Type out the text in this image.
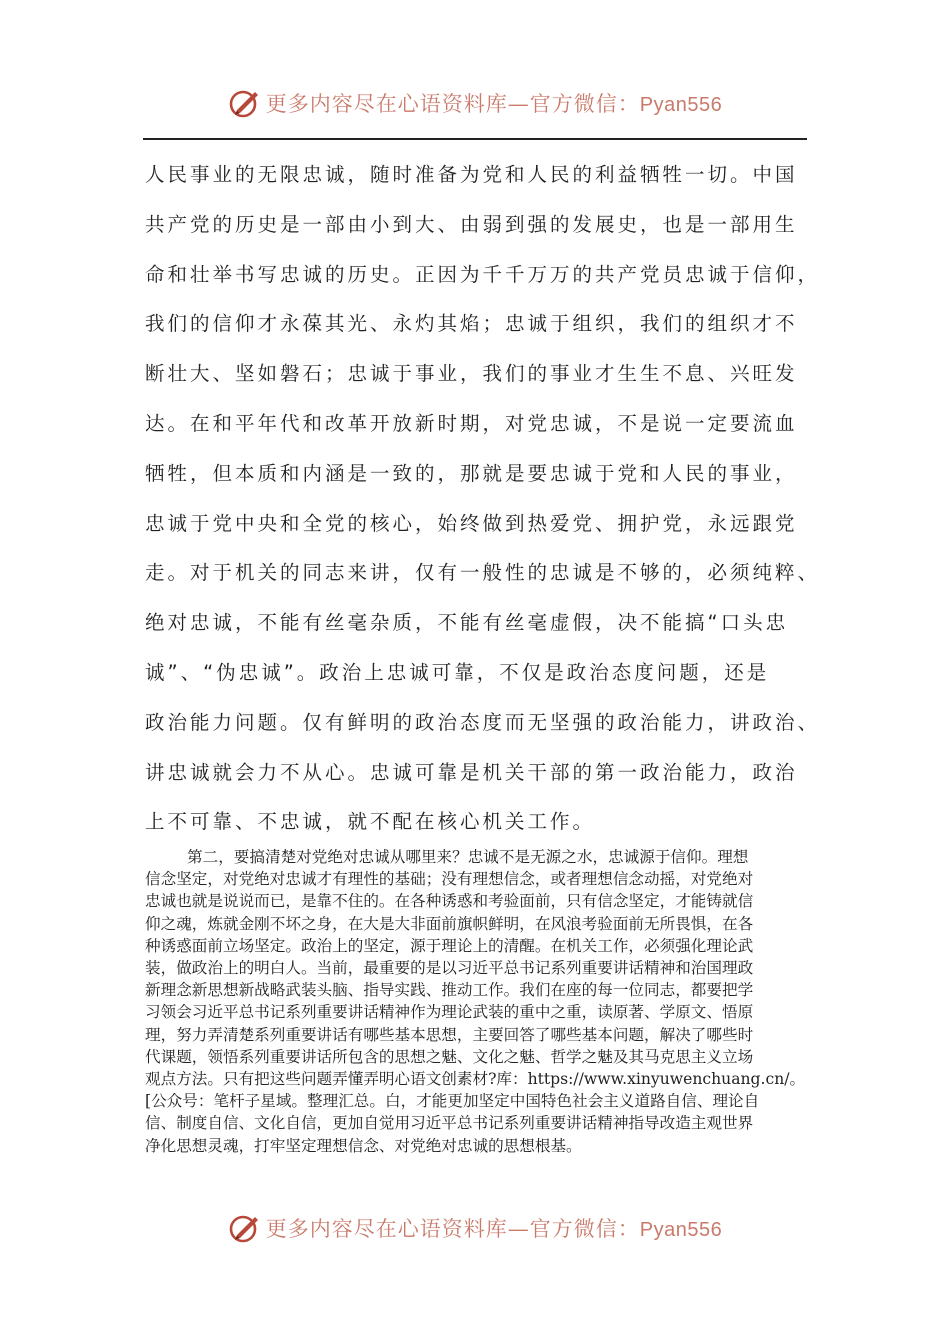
更多内容尽在心语资料库—官方微信：Pyan556
人民事业的无限忠诚，随时准备为党和人民的利益牺牲一切。中国
共产党的历史是一部由小到大、由弱到强的发展史，也是一部用生
命和壮举书写忠诚的历史。正因为千千万万的共产党员忠诚于信仰，
我们的信仰才永葆其光、永灼其焰；忠诚于组织，我们的组织才不
断壮大、坚如磐石；忠诚于事业，我们的事业才生生不息、兴旺发
达。在和平年代和改革开放新时期，对党忠诚，不是说一定要流血
牺牲，但本质和内涵是一致的，那就是要忠诚于党和人民的事业，
忠诚于党中央和全党的核心，始终做到热爱党、拥护党，永远跟党
走。对于机关的同志来讲，仅有一般性的忠诚是不够的，必须纯粹、
绝对忠诚，不能有丝毫杂质，不能有丝毫虚假，决不能搞“口头忠
诚”、“伪忠诚”。政治上忠诚可靠，不仅是政治态度问题，还是
政治能力问题。仅有鲜明的政治态度而无坚强的政治能力，讲政治、
讲忠诚就会力不从心。忠诚可靠是机关干部的第一政治能力，政治
上不可靠、不忠诚，就不配在核心机关工作。
第二，要搞清楚对党绝对忠诚从哪里来？忠诚不是无源之水，忠诚源于信仰。理想
信念坚定，对党绝对忠诚才有理性的基础；没有理想信念，或者理想信念动摇，对党绝对
忠诚也就是说说而已，是靠不住的。在各种诱惑和考验面前，只有信念坚定，才能铸就信
仰之魂，炼就金刚不坏之身，在大是大非面前旗帜鲜明，在风浪考验面前无所畏惧，在各
种诱惑面前立场坚定。政治上的坚定，源于理论上的清醒。在机关工作，必须强化理论武
装，做政治上的明白人。当前，最重要的是以习近平总书记系列重要讲话精神和治国理政
新理念新思想新战略武装头脑、指导实践、推动工作。我们在座的每一位同志，都要把学
习领会习近平总书记系列重要讲话精神作为理论武装的重中之重，读原著、学原文、悟原
理，努力弄清楚系列重要讲话有哪些基本思想，主要回答了哪些基本问题，解决了哪些时
代课题，领悟系列重要讲话所包含的思想之魅、文化之魅、哲学之魅及其马克思主义立场
观点方法。只有把这些问题弄懂弄明心语文创素材?库：https://www.xinyuwenchuang.cn/。
[公众号：笔杆子星域。整理汇总。白，才能更加坚定中国特色社会主义道路自信、理论自
信、制度自信、文化自信，更加自觉用习近平总书记系列重要讲话精神指导改造主观世界
净化思想灵魂，打牢坚定理想信念、对党绝对忠诚的思想根基。
更多内容尽在心语资料库—官方微信：Pyan556
